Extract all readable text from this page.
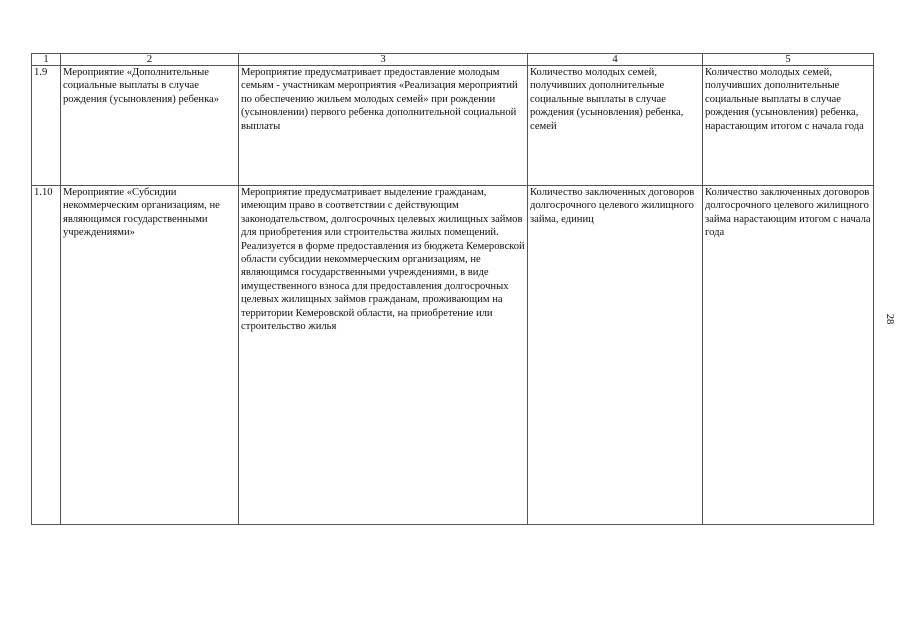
1	2	3	4	5
1.9	Мероприятие «Дополнительные социальные выплаты в случае рождения (усыновления) ребенка»	Мероприятие предусматривает предоставление молодым семьям - участникам мероприятия «Реализация мероприятий по обеспечению жильем молодых семей» при рождении (усыновлении) первого ребенка дополнительной социальной выплаты	Количество молодых семей, получивших дополнительные социальные выплаты в случае рождения (усыновления) ребенка, семей	Количество молодых семей, получивших дополнительные социальные выплаты в случае рождения (усыновления) ребенка, нарастающим итогом с начала года
1.10	Мероприятие «Субсидии некоммерческим организациям, не являющимся государственными учреждениями»	Мероприятие предусматривает выделение гражданам, имеющим право в соответствии с действующим законодательством, долгосрочных целевых жилищных займов для приобретения или строительства жилых помещений. Реализуется в форме предоставления из бюджета Кемеровской области субсидии некоммерческим организациям, не являющимся государственными учреждениями, в виде имущественного взноса для предоставления долгосрочных целевых жилищных займов гражданам, проживающим на территории Кемеровской области, на приобретение или строительство жилья	Количество заключенных договоров долгосрочного целевого жилищного займа, единиц	Количество заключенных договоров долгосрочного целевого жилищного займа нарастающим итогом с начала года
28
